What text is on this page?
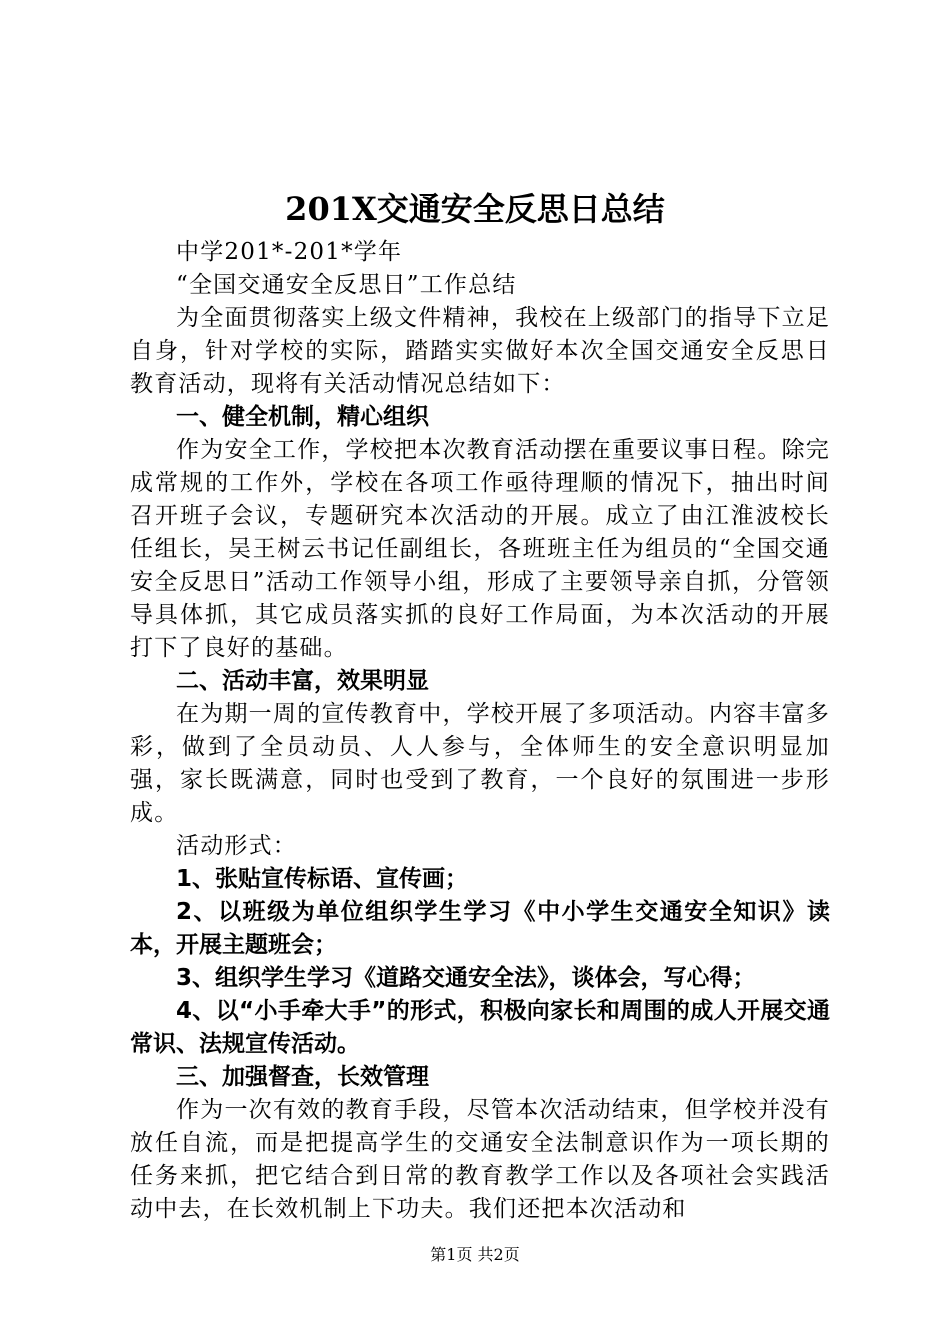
201X交通安全反思日总结

中学201*-201*学年

“全国交通安全反思日”工作总结

为全面贯彻落实上级文件精神，我校在上级部门的指导下立足自身，针对学校的实际，踏踏实实做好本次全国交通安全反思日教育活动，现将有关活动情况总结如下：

一、健全机制，精心组织

作为安全工作，学校把本次教育活动摆在重要议事日程。除完成常规的工作外，学校在各项工作亟待理顺的情况下，抽出时间召开班子会议，专题研究本次活动的开展。成立了由江淮波校长任组长，吴王树云书记任副组长，各班班主任为组员的“全国交通安全反思日”活动工作领导小组，形成了主要领导亲自抓，分管领导具体抓，其它成员落实抓的良好工作局面，为本次活动的开展打下了良好的基础。

二、活动丰富，效果明显

在为期一周的宣传教育中，学校开展了多项活动。内容丰富多彩，做到了全员动员、人人参与，全体师生的安全意识明显加强，家长既满意，同时也受到了教育，一个良好的氛围进一步形成。

活动形式：

1、张贴宣传标语、宣传画；

2、以班级为单位组织学生学习《中小学生交通安全知识》读本，开展主题班会；

3、组织学生学习《道路交通安全法》，谈体会，写心得；

4、以“小手牵大手”的形式，积极向家长和周围的成人开展交通常识、法规宣传活动。

三、加强督查，长效管理

作为一次有效的教育手段，尽管本次活动结束，但学校并没有放任自流，而是把提高学生的交通安全法制意识作为一项长期的任务来抓，把它结合到日常的教育教学工作以及各项社会实践活动中去，在长效机制上下功夫。我们还把本次活动和

第1页 共2页
